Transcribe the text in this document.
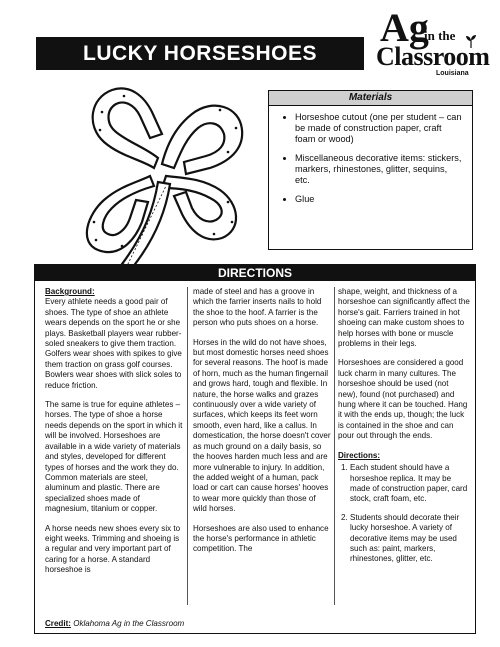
LUCKY HORSESHOES
Ag
in the
Classroom
Louisiana
Materials
• Horseshoe cutout (one per student – can be made of construction paper, craft foam or wood)
• Miscellaneous decorative items: stickers, markers, rhinestones, glitter, sequins, etc.
• Glue
DIRECTIONS
Background:

Every athlete needs a good pair of shoes. The type of shoe an athlete wears depends on the sport he or she plays. Basketball players wear rubber-soled sneakers to give them traction. Golfers wear shoes with spikes to give them traction on grass golf courses. Bowlers wear shoes with slick soles to reduce friction.

The same is true for equine athletes – horses. The type of shoe a horse needs depends on the sport in which it will be involved. Horseshoes are available in a wide variety of materials and styles, developed for different types of horses and the work they do. Common materials are steel, aluminum and plastic. There are specialized shoes made of magnesium, titanium or copper.

A horse needs new shoes every six to eight weeks. Trimming and shoeing is a regular and very important part of caring for a horse. A standard horseshoe is

made of steel and has a groove in which the farrier inserts nails to hold the shoe to the hoof. A farrier is the person who puts shoes on a horse.

Horses in the wild do not have shoes, but most domestic horses need shoes for several reasons. The hoof is made of horn, much as the human fingernail and grows hard, tough and flexible. In nature, the horse walks and grazes continuously over a wide variety of surfaces, which keeps its feet worn smooth, even hard, like a callus. In domestication, the horse doesn't cover as much ground on a daily basis, so the hooves harden much less and are more vulnerable to injury. In addition, the added weight of a human, pack load or cart can cause horses' hooves to wear more quickly than those of wild horses.

Horseshoes are also used to enhance the horse's performance in athletic competition. The

shape, weight, and thickness of a horseshoe can significantly affect the horse's gait. Farriers trained in hot shoeing can make custom shoes to help horses with bone or muscle problems in their legs.

Horseshoes are considered a good luck charm in many cultures. The horseshoe should be used (not new), found (not purchased) and hung where it can be touched. Hang it with the ends up, though; the luck is contained in the shoe and can pour out through the ends.

Directions:
1. Each student should have a horseshoe replica. It may be made of construction paper, card stock, craft foam, etc.
2. Students should decorate their lucky horseshoe. A variety of decorative items may be used such as: paint, markers, rhinestones, glitter, etc.
Credit: Oklahoma Ag in the Classroom
